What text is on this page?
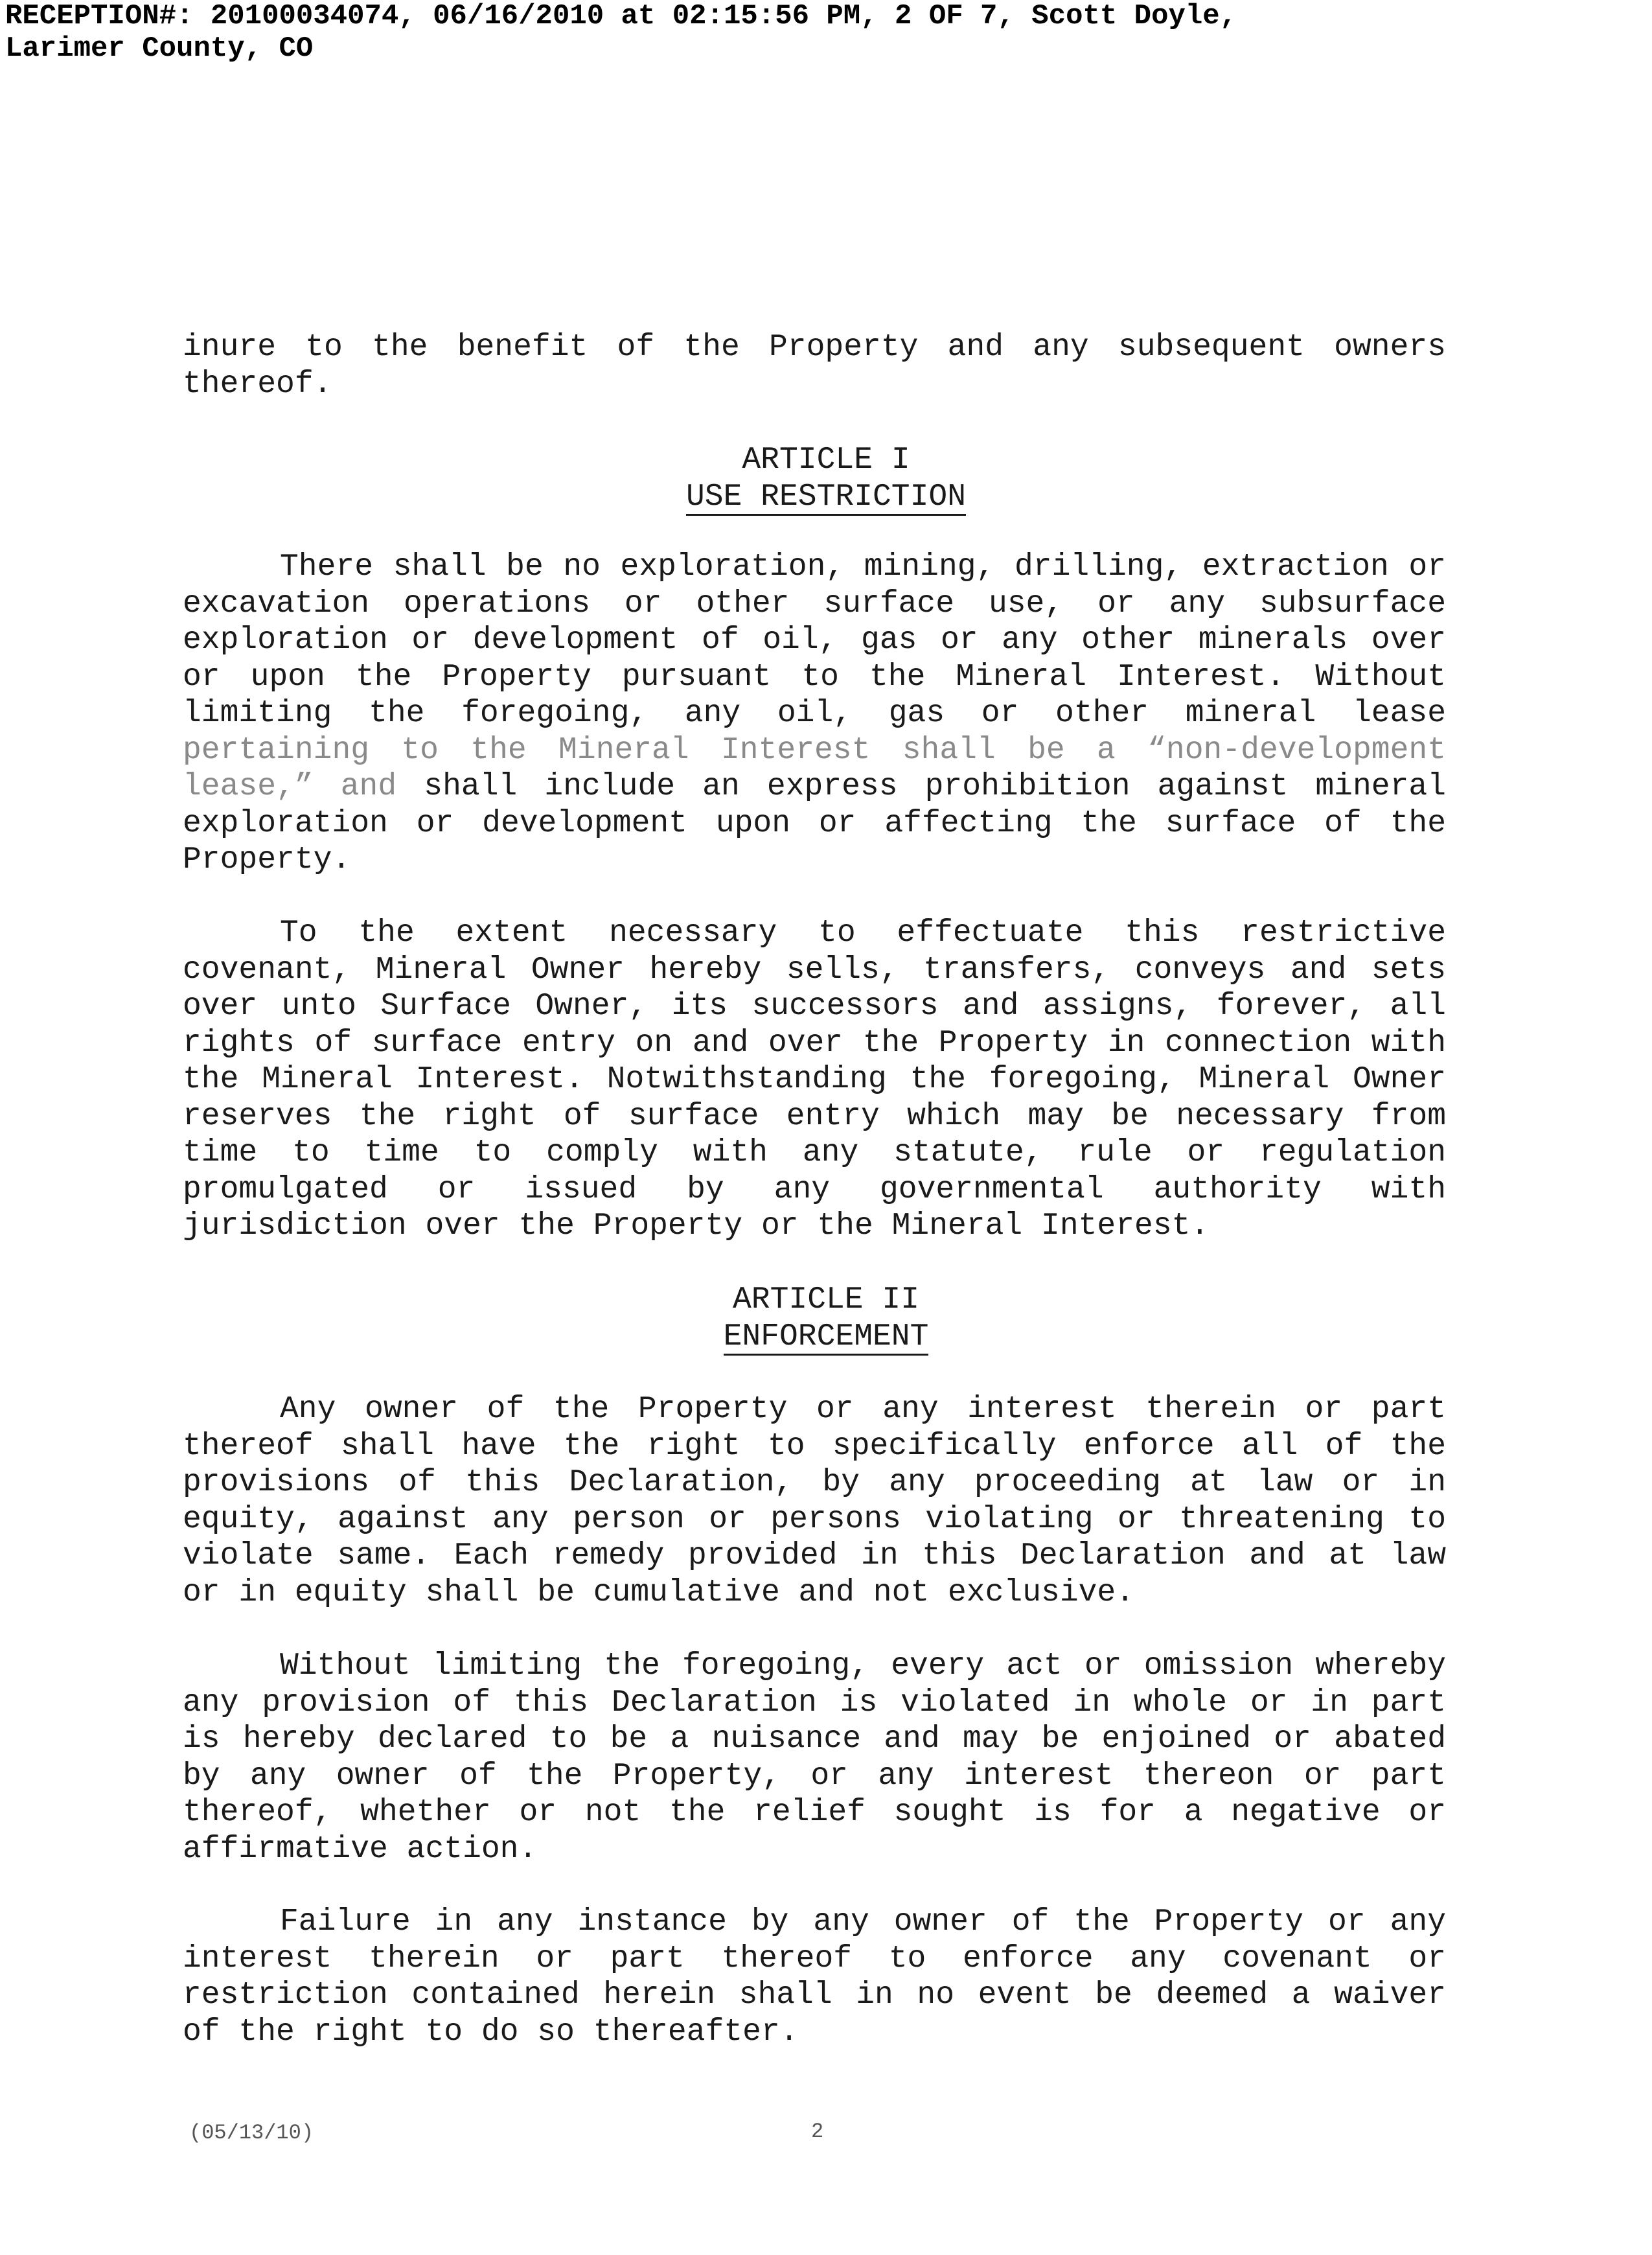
RECEPTION#: 20100034074, 06/16/2010 at 02:15:56 PM, 2 OF 7, Scott Doyle,
Larimer County, CO

inure to the benefit of the Property and any subsequent owners thereof.

ARTICLE I
USE RESTRICTION

There shall be no exploration, mining, drilling, extraction or excavation operations or other surface use, or any subsurface exploration or development of oil, gas or any other minerals over or upon the Property pursuant to the Mineral Interest. Without limiting the foregoing, any oil, gas or other mineral lease pertaining to the Mineral Interest shall be a “non-development lease,” and shall include an express prohibition against mineral exploration or development upon or affecting the surface of the Property.

To the extent necessary to effectuate this restrictive covenant, Mineral Owner hereby sells, transfers, conveys and sets over unto Surface Owner, its successors and assigns, forever, all rights of surface entry on and over the Property in connection with the Mineral Interest. Notwithstanding the foregoing, Mineral Owner reserves the right of surface entry which may be necessary from time to time to comply with any statute, rule or regulation promulgated or issued by any governmental authority with jurisdiction over the Property or the Mineral Interest.

ARTICLE II
ENFORCEMENT

Any owner of the Property or any interest therein or part thereof shall have the right to specifically enforce all of the provisions of this Declaration, by any proceeding at law or in equity, against any person or persons violating or threatening to violate same. Each remedy provided in this Declaration and at law or in equity shall be cumulative and not exclusive.

Without limiting the foregoing, every act or omission whereby any provision of this Declaration is violated in whole or in part is hereby declared to be a nuisance and may be enjoined or abated by any owner of the Property, or any interest thereon or part thereof, whether or not the relief sought is for a negative or affirmative action.

Failure in any instance by any owner of the Property or any interest therein or part thereof to enforce any covenant or restriction contained herein shall in no event be deemed a waiver of the right to do so thereafter.

(05/13/10)	2
